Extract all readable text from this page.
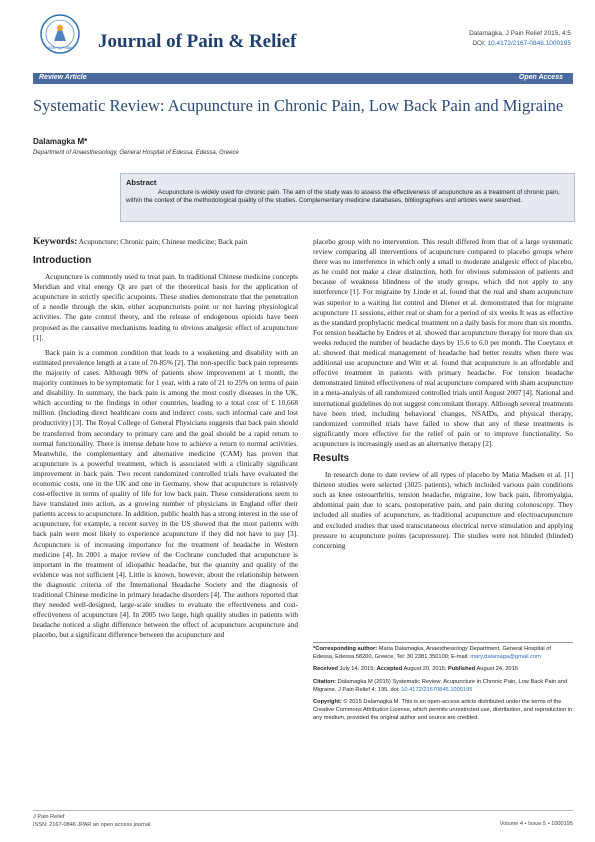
ISSN: 2167-0846 Journal of Pain & Relief	Dalamagka, J Pain Relief 2015, 4:5
DOI: 10.4172/2167-0846.1000195
Review Article	Open Access
Systematic Review: Acupuncture in Chronic Pain, Low Back Pain and Migraine
Dalamagka M*
Department of Anaesthesiology, General Hospital of Edessa, Edessa, Greece
Abstract
Acupuncture is widely used for chronic pain. The aim of the study was to assess the effectiveness of acupuncture as a treatment of chronic pain, within the context of the methodological quality of the studies. Complementary medicine databases, bibliographies and articles were searched.
Keywords: Acupuncture; Chronic pain; Chinese medicine; Back pain
Introduction

Acupuncture is commonly used to treat pain. In traditional Chinese medicine concepts Meridian and vital energy Qi are part of the theoretical basis for the application of acupuncture in strictly specific acupoints. These studies demonstrate that the penetration of a needle through the skin, either acupuncturists point or not having physiological activities. The gate control theory, and the release of endogenous opioids have been proposed as the causative mechanisms leading to obvious analgesic effect of acupuncture [1].

Back pain is a common condition that leads to a weakening and disability with an estimated prevalence length at a rate of 70-85% [2]. The non-specific back pain represents the majority of cases. Although 90% of patients show improvement at 1 month, the majority continues to be symptomatic for 1 year, with a rate of 21 to 25% on terms of pain and disability. In summary, the back pain is among the most costly diseases in the UK, which according to the findings in other countries, leading to a total cost of £ 10,668 million. (Including direct healthcare costs and indirect costs, such informal care and lost productivity) [3]. The Royal College of General Physicians suggests that back pain should be transferred from secondary to primary care and the goal should be a rapid return to normal functionality. There is intense debate how to achieve a return to normal activities. Meanwhile, the complementary and alternative medicine (CAM) has proven that acupuncture is a powerful treatment, which is associated with a clinically significant improvement in back pain. Two recent randomized controlled trials have evaluated the economic costs, one in the UK and one in Germany, show that acupuncture is relatively cost-effective in terms of quality of life for low back pain. These considerations seem to have translated into action, as a growing number of physicians in England offer their patients access to acupuncture. In addition, public health has a strong interest in the use of acupuncture, for example, a recent survey in the US showed that the most patients with back pain were most likely to experience acupuncture if they did not have to pay [3]. Acupuncture is of increasing importance for the treatment of headache in Western medicine [4]. In 2001 a major review of the Cochrane concluded that acupuncture is important in the treatment of idiopathic headache, but the quantity and quality of the evidence was not sufficient [4]. Little is known, however, about the relationship between the diagnostic criteria of the International Headache Society and the diagnosis of traditional Chinese medicine in primary headache disorders [4]. The authors reported that they needed well-designed, large-scale studies to evaluate the effectiveness and cost-effectiveness of acupuncture [4]. In 2005 two large, high quality studies in patients with headache noticed a slight difference between the effect of acupuncture acupuncture and placebo, but a significant difference between the acupuncture and

placebo group with no intervention. This result differed from that of a large systematic review comparing all interventions of acupuncture compared to placebo groups where there was no interference in which only a small to moderate analgesic effect of placebo, as he could not make a clear distinction, both for obvious submission of patients and because of weakness blindness of the study groups, which did not apply to any interference [1]. For migraine by Linde et al. found that the real and sham acupuncture was superior to a waiting list control and Diener et al. demonstrated that for migraine acupuncture 11 sessions, either real or sham for a period of six weeks It was as effective as the standard prophylactic medical treatment on a daily basis for more than six months. For tension headache by Endres et al. showed that acupuncture therapy for more than six weeks reduced the number of headache days by 15.6 to 6.0 per month. The Coeytaux et al. showed that medical management of headache had better results when there was additional use acupuncture and Witt et al. found that acupuncture is an affordable and effective treatment in patients with primary headache. For tension headache demonstrated limited effectiveness of real acupuncture compared with sham acupuncture in a meta-analysis of all randomized controlled trials until August 2007 [4]. National and international guidelines do not suggest concomitant therapy. Although several treatments have been tried, including behavioral changes, NSAIDs, and physical therapy, randomized controlled trials have failed to show that any of these treatments is significantly more effective for the relief of pain or to improve functionality. So acupuncture is increasingly used as an alternative therapy [2].

Results

In research done to date review of all types of placebo by Matia Madsen et al. [1] thirteen studies were selected (3025 patients), which included various pain conditions such as knee osteoarthritis, tension headache, migraine, low back pain, fibromyalgia, abdominal pain due to scars, postoperative pain, and pain during colonoscopy. They included all studies of acupuncture, as traditional acupuncture and electroacupuncture and excluded studies that used transcutaneous electrical nerve stimulation and applying pressure to acupuncture points (acupressure). The studies were not blinded (blinded) concerning

*Corresponding author: Maria Dalamagka, Anaesthesiology Department, General Hospital of Edessa, Edessa 58200, Greece, Tel: 30 2381 350100; E-mail: mary.dalamaga@gmail.com

Received July 14, 2015; Accepted August 20, 2015; Published August 24, 2015

Citation: Dalamagka M (2015) Systematic Review: Acupuncture in Chronic Pain, Low Back Pain and Migraine. J Pain Relief 4: 195. doi: 10.4172/21670846.1000195

Copyright: © 2015 Dalamagka M. This is an open-access article distributed under the terms of the Creative Commons Attribution License, which permits unrestricted use, distribution, and reproduction in any medium, provided the original author and source are credited.

J Pain Relief
ISSN: 2167-0846 JPAR an open access journal	Volume 4 • Issue 5 • 1000195
